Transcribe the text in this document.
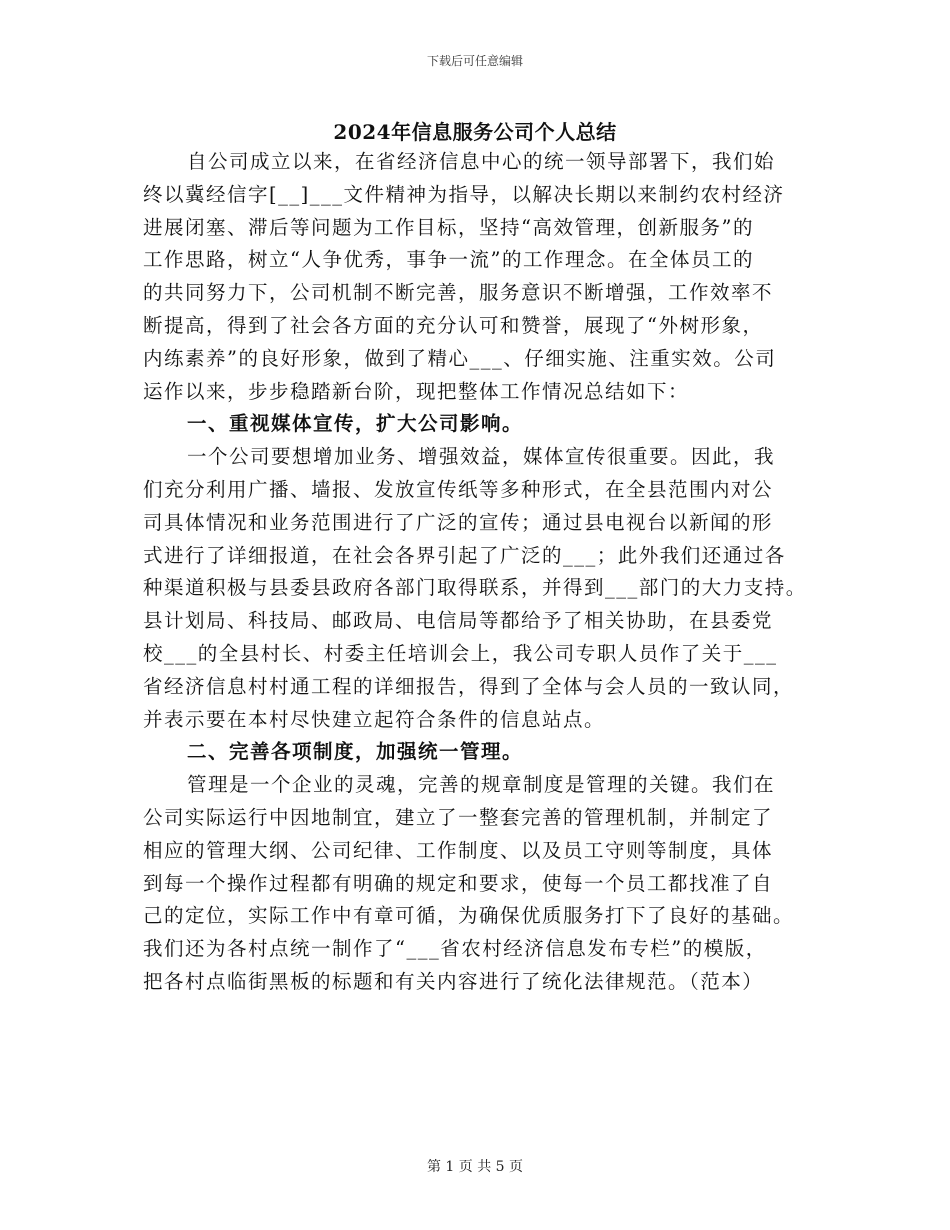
下载后可任意编辑
2024年信息服务公司个人总结
自公司成立以来，在省经济信息中心的统一领导部署下，我们始
终以冀经信字[__]___文件精神为指导，以解决长期以来制约农村经济
进展闭塞、滞后等问题为工作目标，坚持“高效管理，创新服务”的
工作思路，树立“人争优秀，事争一流”的工作理念。在全体员工的
的共同努力下，公司机制不断完善，服务意识不断增强，工作效率不
断提高，得到了社会各方面的充分认可和赞誉，展现了“外树形象，
内练素养”的良好形象，做到了精心___、仔细实施、注重实效。公司
运作以来，步步稳踏新台阶，现把整体工作情况总结如下：
一、重视媒体宣传，扩大公司影响。
一个公司要想增加业务、增强效益，媒体宣传很重要。因此，我
们充分利用广播、墙报、发放宣传纸等多种形式，在全县范围内对公
司具体情况和业务范围进行了广泛的宣传；通过县电视台以新闻的形
式进行了详细报道，在社会各界引起了广泛的___；此外我们还通过各
种渠道积极与县委县政府各部门取得联系，并得到___部门的大力支持。
县计划局、科技局、邮政局、电信局等都给予了相关协助，在县委党
校___的全县村长、村委主任培训会上，我公司专职人员作了关于___
省经济信息村村通工程的详细报告，得到了全体与会人员的一致认同，
并表示要在本村尽快建立起符合条件的信息站点。
二、完善各项制度，加强统一管理。
管理是一个企业的灵魂，完善的规章制度是管理的关键。我们在
公司实际运行中因地制宜，建立了一整套完善的管理机制，并制定了
相应的管理大纲、公司纪律、工作制度、以及员工守则等制度，具体
到每一个操作过程都有明确的规定和要求，使每一个员工都找准了自
己的定位，实际工作中有章可循，为确保优质服务打下了良好的基础。
我们还为各村点统一制作了“___省农村经济信息发布专栏”的模版，
把各村点临街黑板的标题和有关内容进行了统化法律规范。（范本）
第 1 页 共 5 页
